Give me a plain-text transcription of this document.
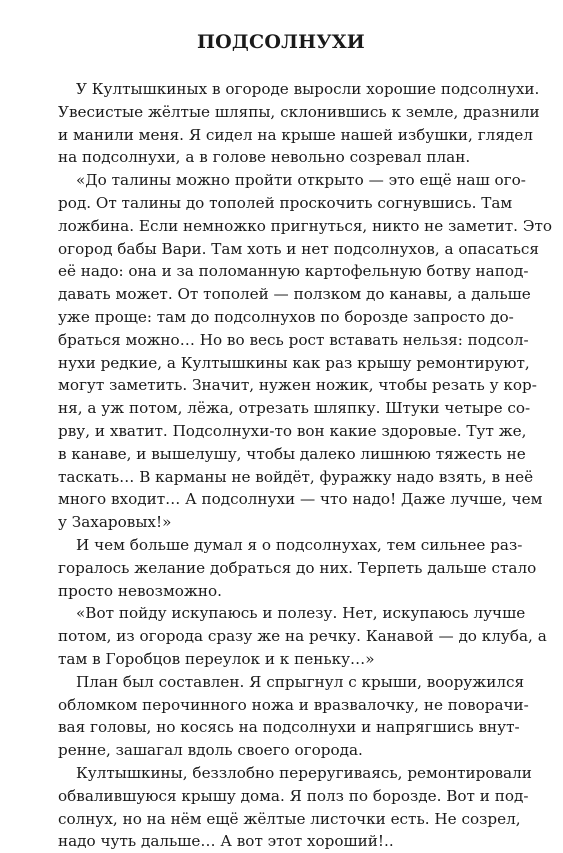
ПОДСОЛНУХИ

У Култышкиных в огороде выросли хорошие подсолнухи.
Увесистые жёлтые шляпы, склонившись к земле, дразнили
и манили меня. Я сидел на крыше нашей избушки, глядел
на подсолнухи, а в голове невольно созревал план.

«До талины можно пройти открыто — это ещё наш ого-
род. От талины до тополей проскочить согнувшись. Там
ложбина. Если немножко пригнуться, никто не заметит. Это
огород бабы Вари. Там хоть и нет подсолнухов, а опасаться
её надо: она и за поломанную картофельную ботву напод-
давать может. От тополей — ползком до канавы, а дальше
уже проще: там до подсолнухов по борозде запросто до-
браться можно… Но во весь рост вставать нельзя: подсол-
нухи редкие, а Култышкины как раз крышу ремонтируют,
могут заметить. Значит, нужен ножик, чтобы резать у кор-
ня, а уж потом, лёжа, отрезать шляпку. Штуки четыре со-
рву, и хватит. Подсолнухи-то вон какие здоровые. Тут же,
в канаве, и вышелушу, чтобы далеко лишнюю тяжесть не
таскать… В карманы не войдёт, фуражку надо взять, в неё
много входит… А подсолнухи — что надо! Даже лучше, чем
у Захаровых!»

И чем больше думал я о подсолнухах, тем сильнее раз-
горалось желание добраться до них. Терпеть дальше стало
просто невозможно.

«Вот пойду искупаюсь и полезу. Нет, искупаюсь лучше
потом, из огорода сразу же на речку. Канавой — до клуба, а
там в Горобцов переулок и к пеньку…»

План был составлен. Я спрыгнул с крыши, вооружился
обломком перочинного ножа и вразвалочку, не поворачи-
вая головы, но косясь на подсолнухи и напрягшись внут-
ренне, зашагал вдоль своего огорода.

Култышкины, беззлобно переругиваясь, ремонтировали
обвалившуюся крышу дома. Я полз по борозде. Вот и под-
солнух, но на нём ещё жёлтые листочки есть. Не созрел,
надо чуть дальше… А вот этот хороший!..
